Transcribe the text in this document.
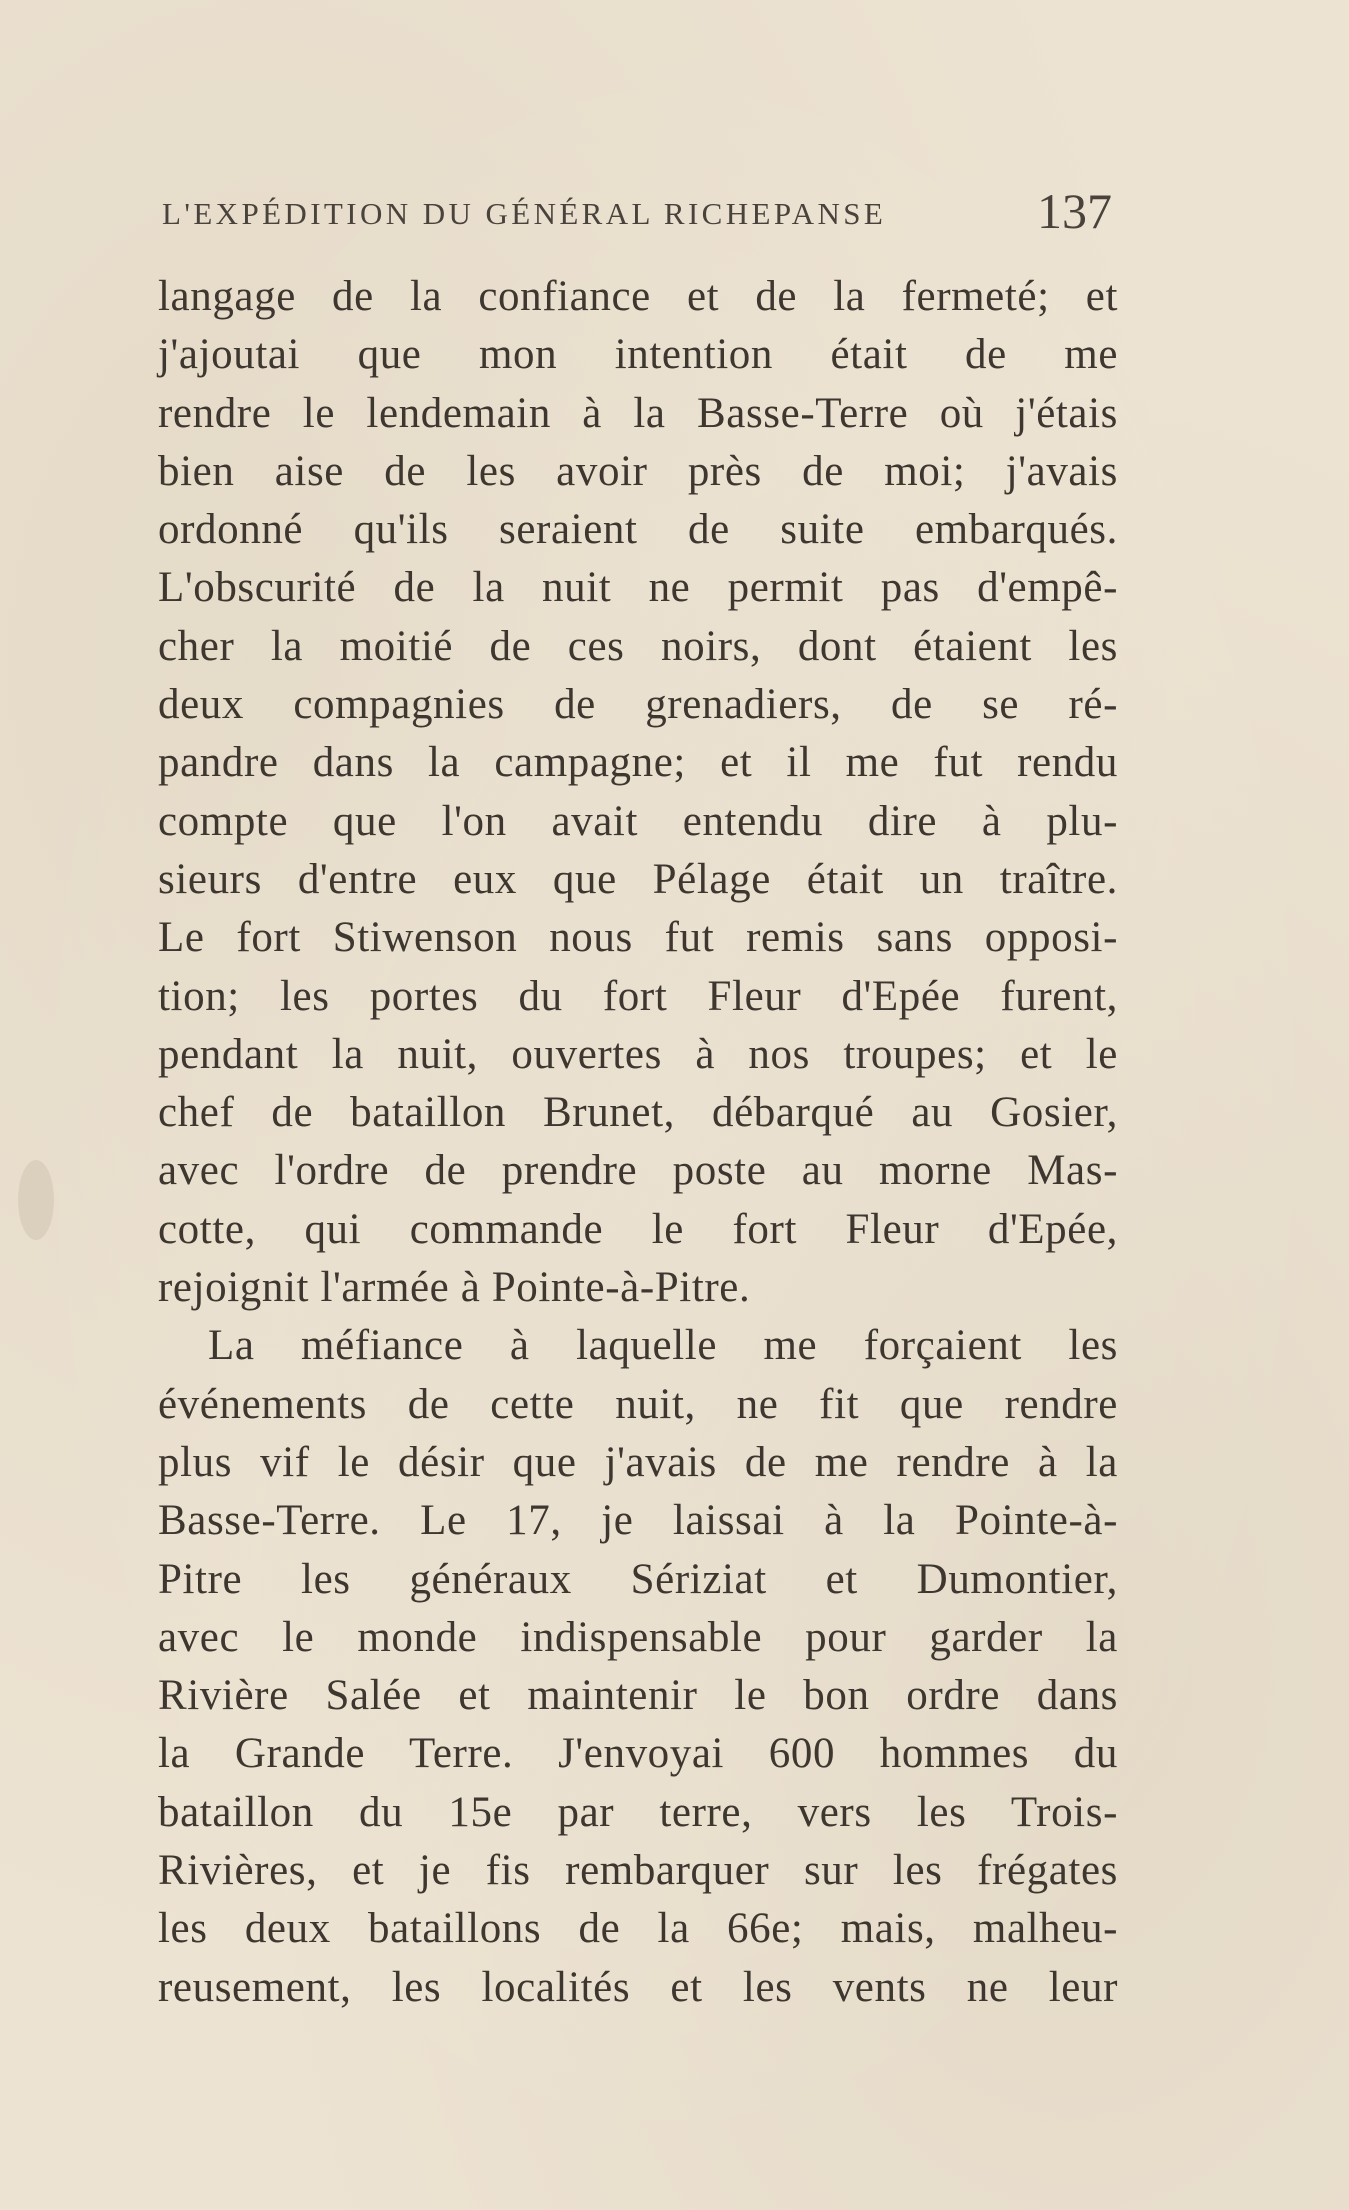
L'EXPÉDITION DU GÉNÉRAL RICHEPANSE	137
langage de la confiance et de la fermeté; et
j'ajoutai que mon intention était de me
rendre le lendemain à la Basse-Terre où j'étais
bien aise de les avoir près de moi; j'avais
ordonné qu'ils seraient de suite embarqués.
L'obscurité de la nuit ne permit pas d'empê-
cher la moitié de ces noirs, dont étaient les
deux compagnies de grenadiers, de se ré-
pandre dans la campagne; et il me fut rendu
compte que l'on avait entendu dire à plu-
sieurs d'entre eux que Pélage était un traître.
Le fort Stiwenson nous fut remis sans opposi-
tion; les portes du fort Fleur d'Epée furent,
pendant la nuit, ouvertes à nos troupes; et le
chef de bataillon Brunet, débarqué au Gosier,
avec l'ordre de prendre poste au morne Mas-
cotte, qui commande le fort Fleur d'Epée,
rejoignit l'armée à Pointe-à-Pitre.
La méfiance à laquelle me forçaient les
événements de cette nuit, ne fit que rendre
plus vif le désir que j'avais de me rendre à la
Basse-Terre. Le 17, je laissai à la Pointe-à-
Pitre les généraux Sériziat et Dumontier,
avec le monde indispensable pour garder la
Rivière Salée et maintenir le bon ordre dans
la Grande Terre. J'envoyai 600 hommes du
bataillon du 15e par terre, vers les Trois-
Rivières, et je fis rembarquer sur les frégates
les deux bataillons de la 66e; mais, malheu-
reusement, les localités et les vents ne leur
